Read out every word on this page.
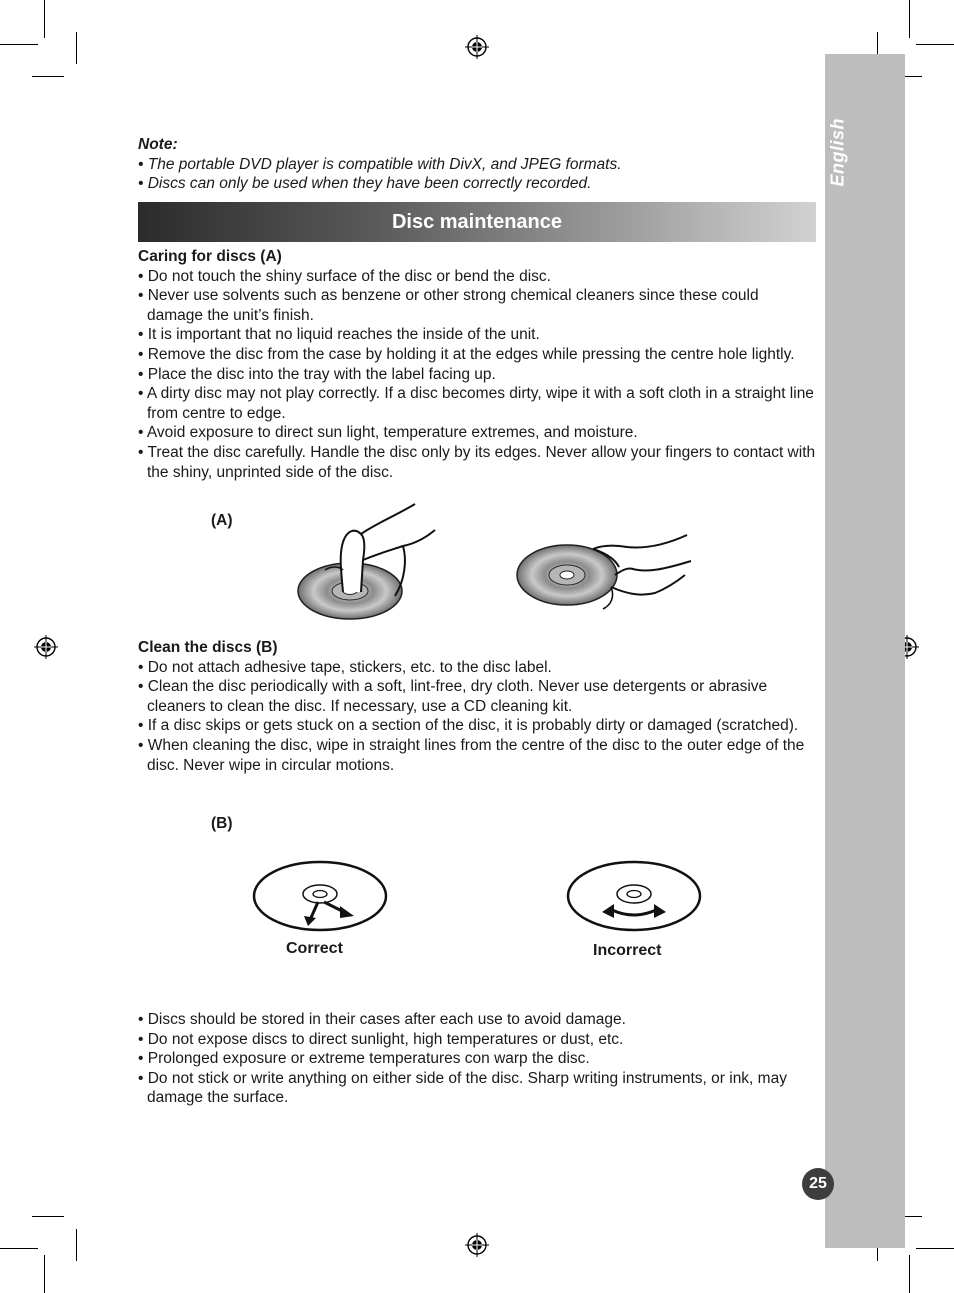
English
25
Note:
• The portable DVD player is compatible with DivX, and JPEG formats.
• Discs can only be used when they have been correctly recorded.
Disc maintenance
Caring for discs (A)
• Do not touch the shiny surface of the disc or bend the disc.
• Never use solvents such as benzene or other strong chemical cleaners since these could damage the unit’s finish.
• It is important that no liquid reaches the inside of the unit.
• Remove the disc from the case by holding it at the edges while pressing the centre hole lightly.
• Place the disc into the tray with the label facing up.
• A dirty disc may not play correctly. If a disc becomes dirty, wipe it with a soft cloth in a straight line from centre to edge.
• Avoid exposure to direct sun light, temperature extremes, and moisture.
• Treat the disc carefully. Handle the disc only by its edges. Never allow your fingers to contact with the shiny, unprinted side of the disc.
(A)
Clean the discs (B)
• Do not attach adhesive tape, stickers, etc. to the disc label.
• Clean the disc periodically with a soft, lint-free, dry cloth. Never use detergents or abrasive cleaners to clean the disc. If necessary, use a CD cleaning kit.
• If a disc skips or gets stuck on a section of the disc, it is probably dirty or damaged (scratched).
• When cleaning the disc, wipe in straight lines from the centre of the disc to the outer edge of the disc. Never wipe in circular motions.
(B)
Correct	Incorrect
• Discs should be stored in their cases after each use to avoid damage.
• Do not expose discs to direct sunlight, high temperatures or dust, etc.
• Prolonged exposure or extreme temperatures con warp the disc.
• Do not stick or write anything on either side of the disc. Sharp writing instruments, or ink, may damage the surface.
